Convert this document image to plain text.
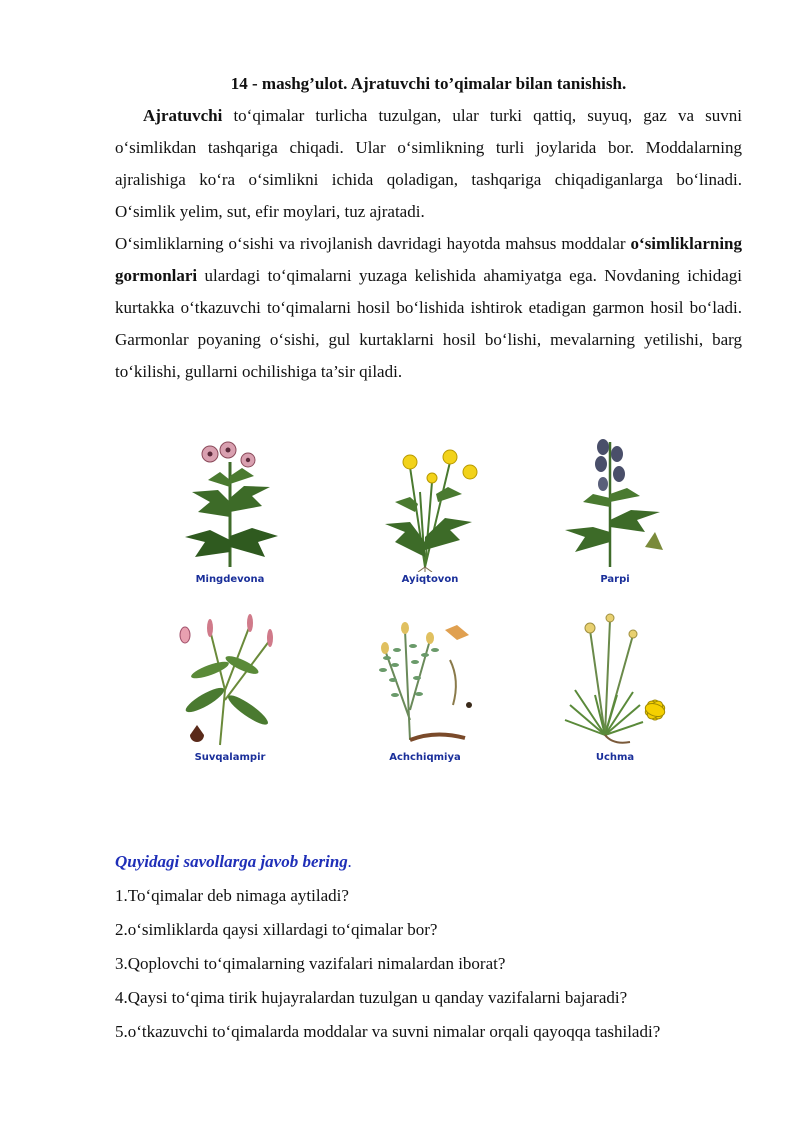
14 - mashg’ulot. Ajratuvchi to’qimalar bilan tanishish.

Ajratuvchi to‘qimalar turlicha tuzulgan, ular turki qattiq, suyuq, gaz va suvni o‘simlikdan tashqariga chiqadi. Ular o‘simlikning turli joylarida bor. Moddalarning ajralishiga ko‘ra o‘simlikni ichida qoladigan, tashqariga chiqadiganlarga bo‘linadi. O‘simlik yelim, sut, efir moylari, tuz ajratadi.

O‘simliklarning o‘sishi va rivojlanish davridagi hayotda mahsus moddalar o‘simliklarning gormonlari ulardagi to‘qimalarni yuzaga kelishida ahamiyatga ega. Novdaning ichidagi kurtakka o‘tkazuvchi to‘qimalarni hosil bo‘lishida ishtirok etadigan garmon hosil bo‘ladi. Garmonlar poyaning o‘sishi, gul kurtaklarni hosil bo‘lishi, mevalarning yetilishi, barg to‘kilishi, gullarni ochilishiga ta’sir qiladi.

Mingdevona	Ayiqtovon	Parpi
Suvqalampir	Achchiqmiya	Uchma

Quyidagi savollarga javob bering.

1.To‘qimalar deb nimaga aytiladi?

2.o‘simliklarda qaysi xillardagi to‘qimalar bor?

3.Qoplovchi to‘qimalarning vazifalari nimalardan iborat?

4.Qaysi to‘qima tirik hujayralardan tuzulgan u qanday vazifalarni bajaradi?

5.o‘tkazuvchi to‘qimalarda moddalar va suvni nimalar orqali qayoqqa tashiladi?
